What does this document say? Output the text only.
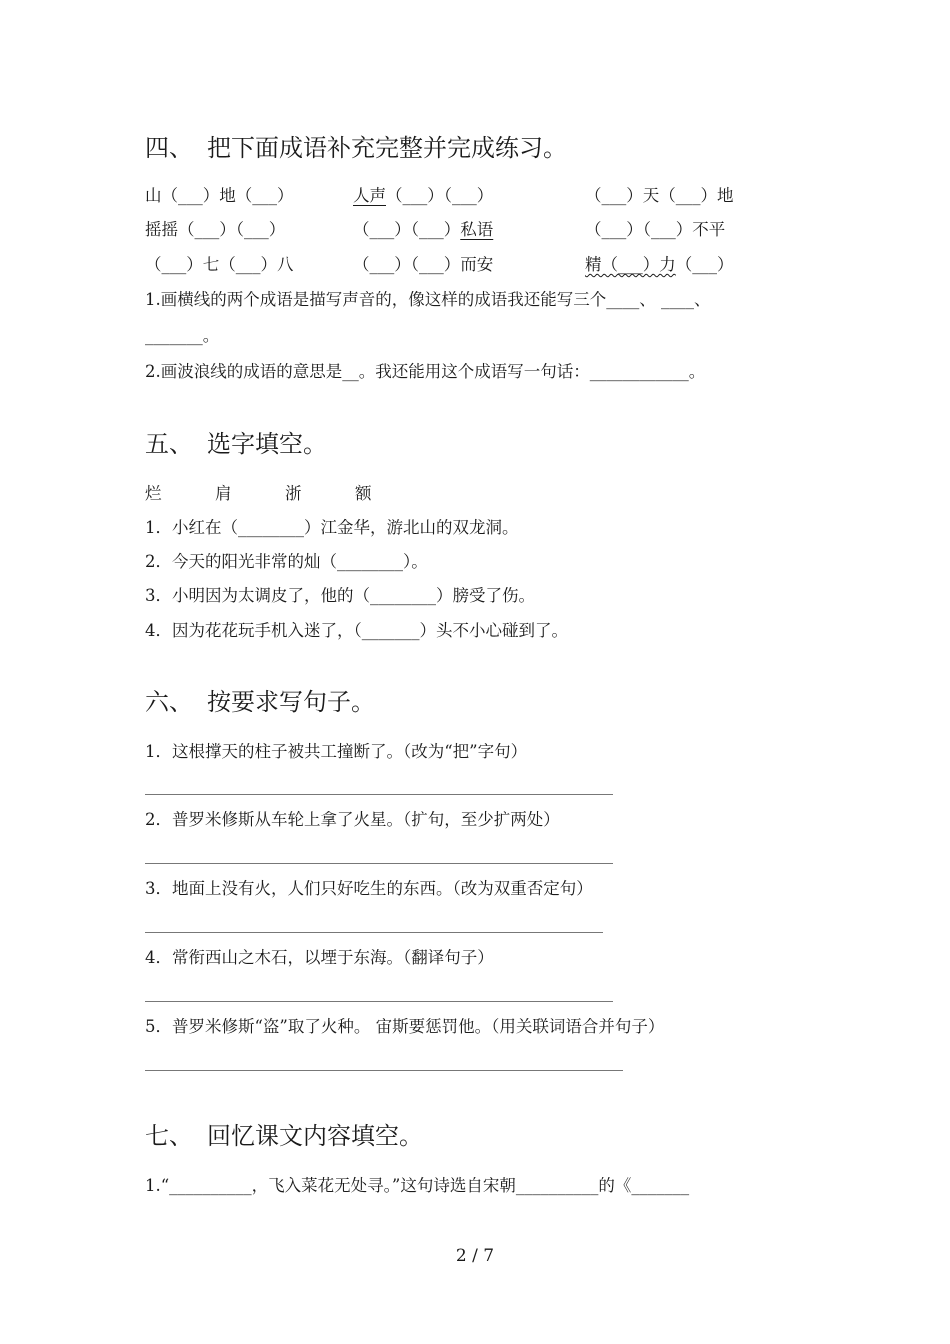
四、 把下面成语补充完整并完成练习。
山（___）地（___）	人声（___）（___）	（___）天（___）地
摇摇（___）（___）	（___）（___）私语	（___）（___）不平
（___）七（___）八	（___）（___）而安	精（___）力（___）
1.画横线的两个成语是描写声音的，像这样的成语我还能写三个____、 ____、
_______。
2.画波浪线的成语的意思是__。我还能用这个成语写一句话：____________。
五、 选字填空。
烂	肩	浙	额
1．小红在（________）江金华，游北山的双龙洞。
2．今天的阳光非常的灿（________）。
3．小明因为太调皮了，他的（________）膀受了伤。
4．因为花花玩手机入迷了，（_______）头不小心碰到了。
六、 按要求写句子。
1．这根撑天的柱子被共工撞断了。（改为“把”字句）
2．普罗米修斯从车轮上拿了火星。（扩句，至少扩两处）
3．地面上没有火，人们只好吃生的东西。（改为双重否定句）
4．常衔西山之木石，以堙于东海。（翻译句子）
5．普罗米修斯“盗”取了火种。 宙斯要惩罚他。（用关联词语合并句子）
七、 回忆课文内容填空。
1.“__________，飞入菜花无处寻。”这句诗选自宋朝__________的《_______
2 / 7
